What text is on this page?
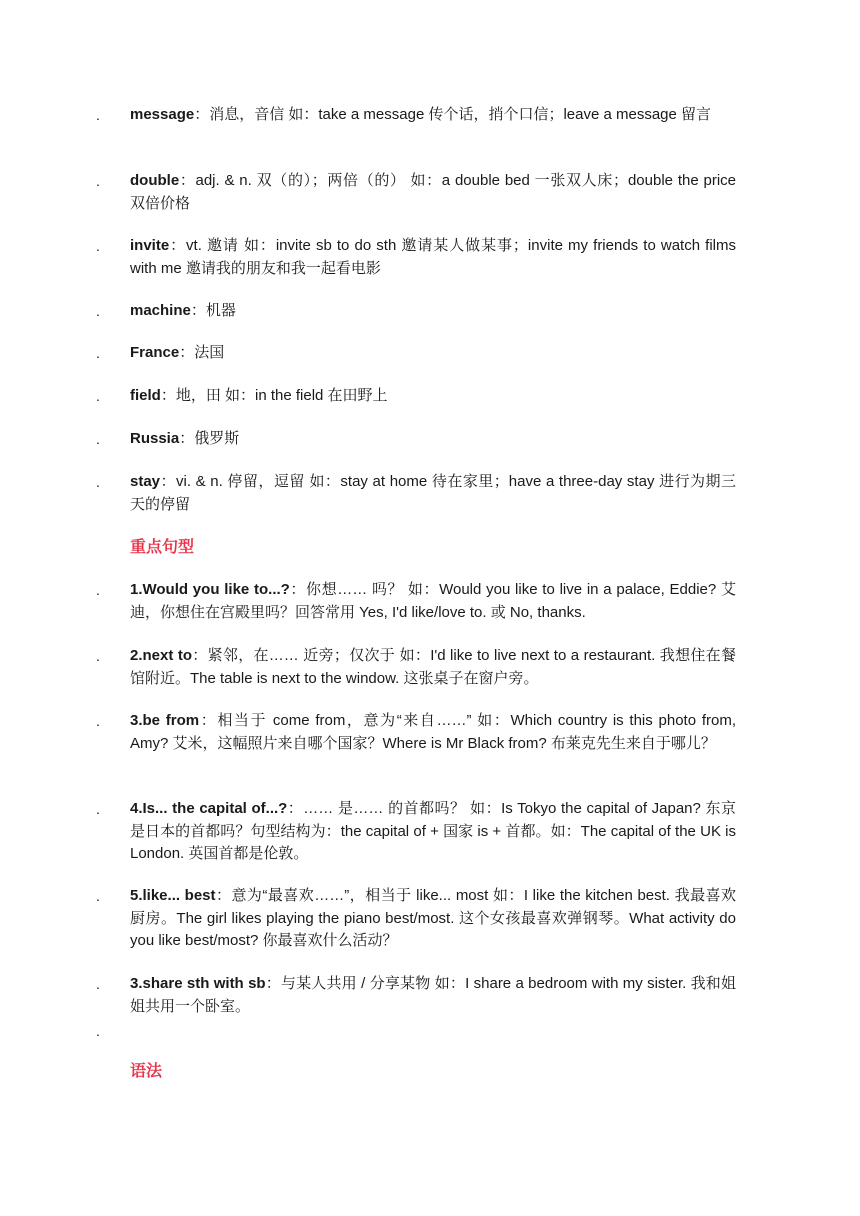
.	message：消息，音信 如：take a message 传个话，捎个口信；leave a message 留言
.	double：adj. & n. 双（的）；两倍（的） 如：a double bed 一张双人床；double the price 双倍价格
.	invite：vt. 邀请 如：invite sb to do sth 邀请某人做某事；invite my friends to watch films with me 邀请我的朋友和我一起看电影
.	machine：机器
.	France：法国
.	field：地，田 如：in the field 在田野上
.	Russia：俄罗斯
.	stay：vi. & n. 停留，逗留 如：stay at home 待在家里；have a three-day stay 进行为期三天的停留
重点句型
.	1.Would you like to...?：你想…… 吗？ 如：Would you like to live in a palace, Eddie? 艾迪，你想住在宫殿里吗？回答常用 Yes, I'd like/love to. 或 No, thanks.
.	2.next to：紧邻，在…… 近旁；仅次于 如：I'd like to live next to a restaurant. 我想住在餐馆附近。The table is next to the window. 这张桌子在窗户旁。
.	3.be from：相当于 come from，意为“来自……” 如：Which country is this photo from, Amy? 艾米，这幅照片来自哪个国家？Where is Mr Black from? 布莱克先生来自于哪儿？
.	4.Is... the capital of...?：…… 是…… 的首都吗？ 如：Is Tokyo the capital of Japan? 东京是日本的首都吗？句型结构为：the capital of + 国家 is + 首都。如：The capital of the UK is London. 英国首都是伦敦。
.	5.like... best：意为“最喜欢……”，相当于 like... most 如：I like the kitchen best. 我最喜欢厨房。The girl likes playing the piano best/most. 这个女孩最喜欢弹钢琴。What activity do you like best/most? 你最喜欢什么活动？
.	3.share sth with sb：与某人共用 / 分享某物 如：I share a bedroom with my sister. 我和姐姐共用一个卧室。
.
语法
